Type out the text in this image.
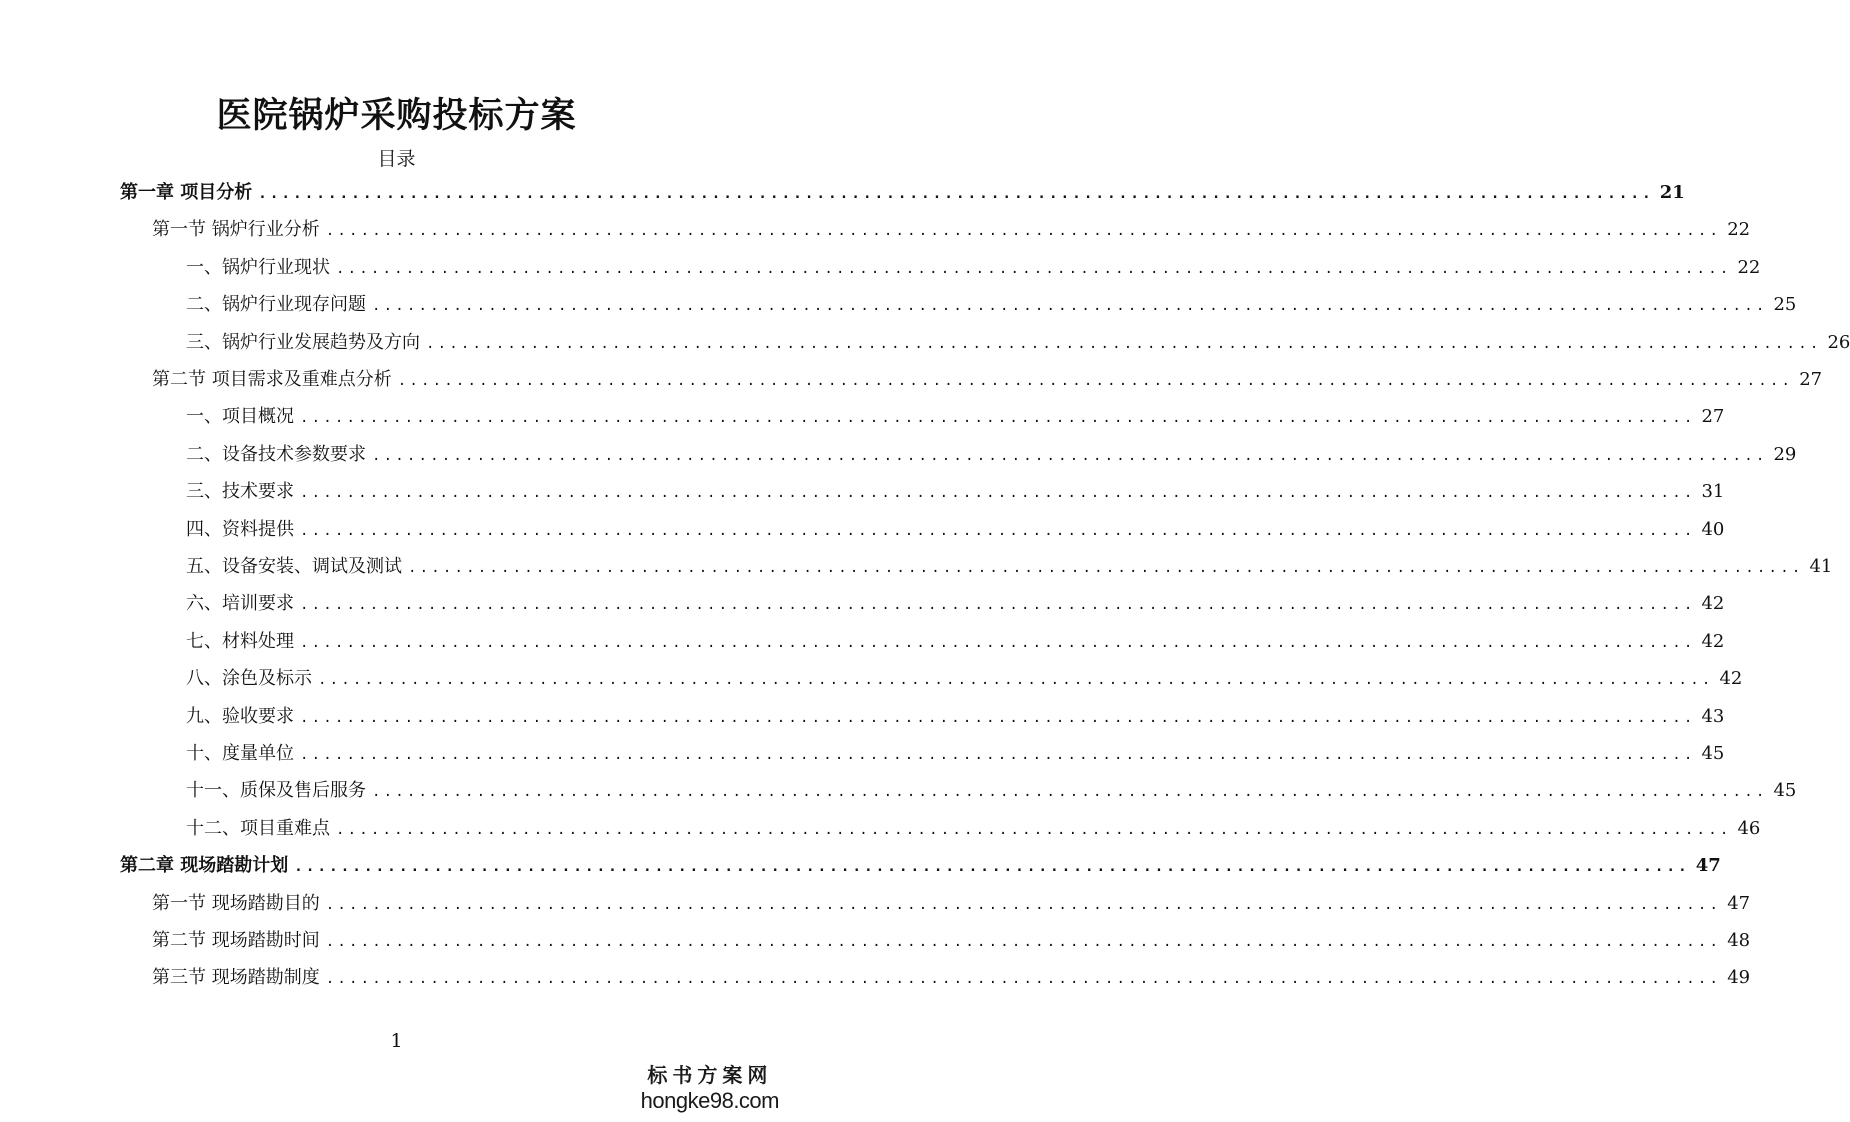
医院锅炉采购投标方案
目录
第一章 项目分析 ........................................................................................................................ 21
第一节 锅炉行业分析 ........................................................................................................................ 22
一、锅炉行业现状 ........................................................................................................................ 22
二、锅炉行业现存问题 ........................................................................................................................ 25
三、锅炉行业发展趋势及方向 ........................................................................................................................ 26
第二节 项目需求及重难点分析 ........................................................................................................................ 27
一、项目概况 ........................................................................................................................ 27
二、设备技术参数要求 ........................................................................................................................ 29
三、技术要求 ........................................................................................................................ 31
四、资料提供 ........................................................................................................................ 40
五、设备安装、调试及测试 ........................................................................................................................ 41
六、培训要求 ........................................................................................................................ 42
七、材料处理 ........................................................................................................................ 42
八、涂色及标示 ........................................................................................................................ 42
九、验收要求 ........................................................................................................................ 43
十、度量单位 ........................................................................................................................ 45
十一、质保及售后服务 ........................................................................................................................ 45
十二、项目重难点 ........................................................................................................................ 46
第二章 现场踏勘计划 ........................................................................................................................ 47
第一节 现场踏勘目的 ........................................................................................................................ 47
第二节 现场踏勘时间 ........................................................................................................................ 48
第三节 现场踏勘制度 ........................................................................................................................ 49
1
标书方案网
hongke98.com
